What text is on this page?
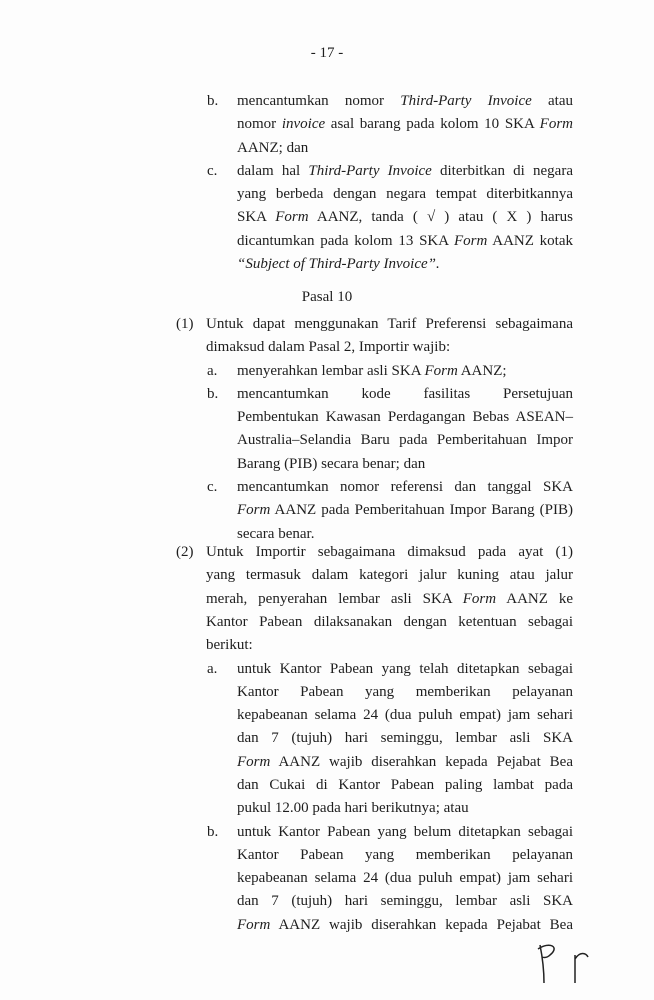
- 17 -
b. mencantumkan nomor Third-Party Invoice atau
nomor invoice asal barang pada kolom 10 SKA Form
AANZ; dan
c. dalam hal Third-Party Invoice diterbitkan di negara
yang berbeda dengan negara tempat diterbitkannya
SKA Form AANZ, tanda ( √ ) atau ( X ) harus
dicantumkan pada kolom 13 SKA Form AANZ kotak
“Subject of Third-Party Invoice”.
Pasal 10
(1) Untuk dapat menggunakan Tarif Preferensi sebagaimana
dimaksud dalam Pasal 2, Importir wajib:
a. menyerahkan lembar asli SKA Form AANZ;
b. mencantumkan kode fasilitas Persetujuan
Pembentukan Kawasan Perdagangan Bebas ASEAN–
Australia–Selandia Baru pada Pemberitahuan Impor
Barang (PIB) secara benar; dan
c. mencantumkan nomor referensi dan tanggal SKA
Form AANZ pada Pemberitahuan Impor Barang (PIB)
secara benar.
(2) Untuk Importir sebagaimana dimaksud pada ayat (1)
yang termasuk dalam kategori jalur kuning atau jalur
merah, penyerahan lembar asli SKA Form AANZ ke
Kantor Pabean dilaksanakan dengan ketentuan sebagai
berikut:
a. untuk Kantor Pabean yang telah ditetapkan sebagai
Kantor Pabean yang memberikan pelayanan
kepabeanan selama 24 (dua puluh empat) jam sehari
dan 7 (tujuh) hari seminggu, lembar asli SKA
Form AANZ wajib diserahkan kepada Pejabat Bea
dan Cukai di Kantor Pabean paling lambat pada
pukul 12.00 pada hari berikutnya; atau
b. untuk Kantor Pabean yang belum ditetapkan sebagai
Kantor Pabean yang memberikan pelayanan
kepabeanan selama 24 (dua puluh empat) jam sehari
dan 7 (tujuh) hari seminggu, lembar asli SKA
Form AANZ wajib diserahkan kepada Pejabat Bea
